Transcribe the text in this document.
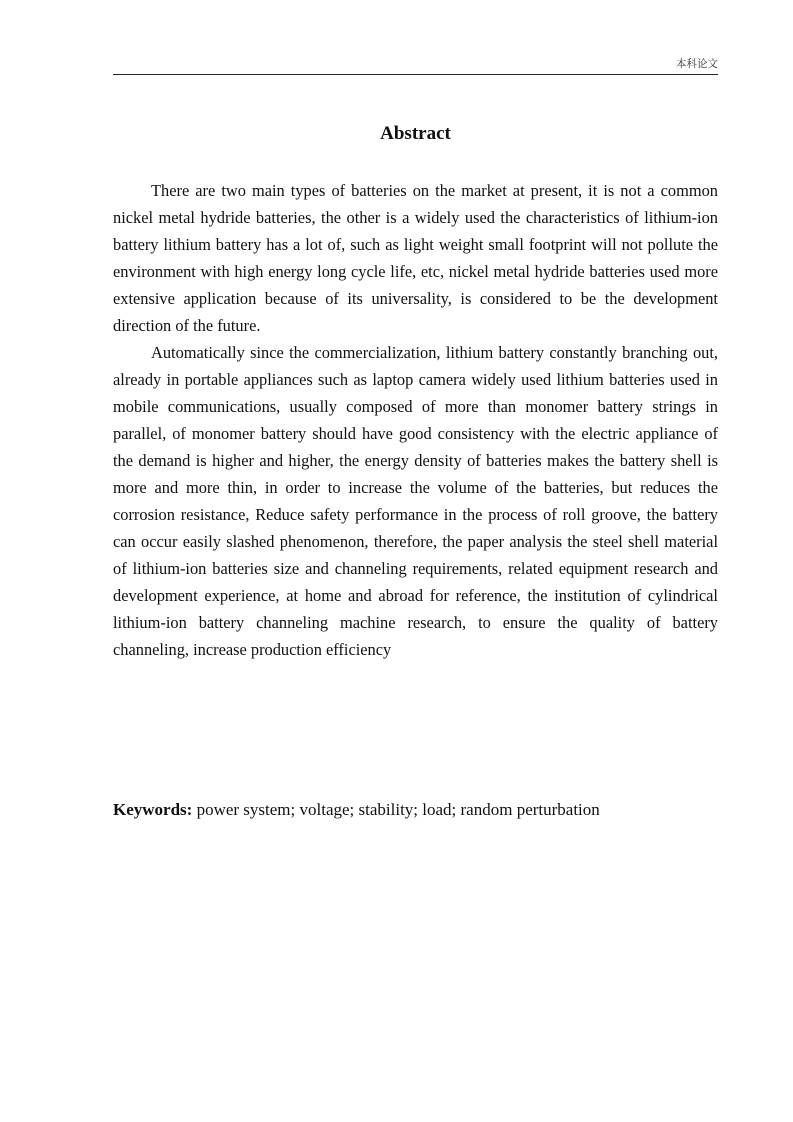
本科论文
Abstract

There are two main types of batteries on the market at present, it is not a common nickel metal hydride batteries, the other is a widely used the characteristics of lithium-ion battery lithium battery has a lot of, such as light weight small footprint will not pollute the environment with high energy long cycle life, etc, nickel metal hydride batteries used more extensive application because of its universality, is considered to be the development direction of the future.

Automatically since the commercialization, lithium battery constantly branching out, already in portable appliances such as laptop camera widely used lithium batteries used in mobile communications, usually composed of more than monomer battery strings in parallel, of monomer battery should have good consistency with the electric appliance of the demand is higher and higher, the energy density of batteries makes the battery shell is more and more thin, in order to increase the volume of the batteries, but reduces the corrosion resistance, Reduce safety performance in the process of roll groove, the battery can occur easily slashed phenomenon, therefore, the paper analysis the steel shell material of lithium-ion batteries size and channeling requirements, related equipment research and development experience, at home and abroad for reference, the institution of cylindrical lithium-ion battery channeling machine research, to ensure the quality of battery channeling, increase production efficiency

Keywords: power system; voltage; stability; load; random perturbation
